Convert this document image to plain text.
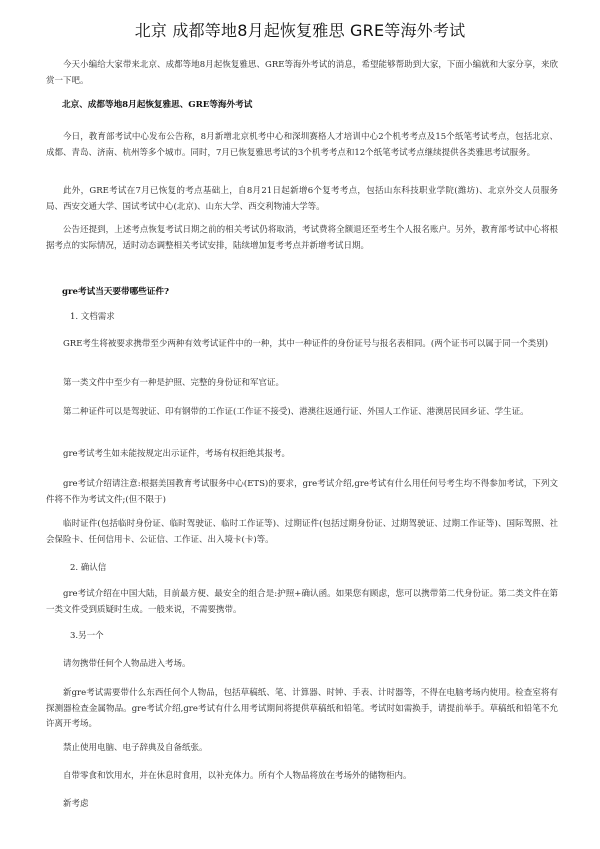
北京 成都等地8月起恢复雅思 GRE等海外考试

今天小编给大家带来北京、成都等地8月起恢复雅思、GRE等海外考试的消息，希望能够帮助到大家，下面小编就和大家分享，来欣赏一下吧。

北京、成都等地8月起恢复雅思、GRE等海外考试

今日，教育部考试中心发布公告称，8月新增北京机考中心和深圳赛格人才培训中心2个机考考点及15个纸笔考试考点，包括北京、成都、青岛、济南、杭州等多个城市。同时，7月已恢复雅思考试的3个机考考点和12个纸笔考试考点继续提供各类雅思考试服务。

此外，GRE考试在7月已恢复的考点基础上，自8月21日起新增6个复考考点，包括山东科技职业学院(潍坊)、北京外交人员服务局、西安交通大学、国试考试中心(北京)、山东大学、西交利物浦大学等。

公告还提到，上述考点恢复考试日期之前的相关考试仍将取消，考试费将全额退还至考生个人报名账户。另外，教育部考试中心将根据考点的实际情况，适时动态调整相关考试安排，陆续增加复考考点并新增考试日期。

gre考试当天要带哪些证件?

1. 文档需求

GRE考生将被要求携带至少两种有效考试证件中的一种，其中一种证件的身份证号与报名表相同。(两个证书可以属于同一个类别)

第一类文件中至少有一种是护照、完整的身份证和军官证。

第二种证件可以是驾驶证、印有钢带的工作证(工作证不接受)、港澳往返通行证、外国人工作证、港澳居民回乡证、学生证。

gre考试考生如未能按规定出示证件，考场有权拒绝其报考。

gre考试介绍请注意:根据美国教育考试服务中心(ETS)的要求，gre考试介绍,gre考试有什么用任何号考生均不得参加考试，下列文件将不作为考试文件;(但不限于)

临时证件(包括临时身份证、临时驾驶证、临时工作证等)、过期证件(包括过期身份证、过期驾驶证、过期工作证等)、国际驾照、社会保险卡、任何信用卡、公证信、工作证、出入境卡(卡)等。

2. 确认信

gre考试介绍在中国大陆，目前最方便、最安全的组合是:护照+确认函。如果您有顾虑，您可以携带第二代身份证。第二类文件在第一类文件受到质疑时生成。一般来说，不需要携带。

3.另一个

请勿携带任何个人物品进入考场。

新gre考试需要带什么东西任何个人物品，包括草稿纸、笔、计算器、时钟、手表、计时器等，不得在电脑考场内使用。检查室将有探测器检查金属物品。gre考试介绍,gre考试有什么用考试期间将提供草稿纸和铅笔。考试时如需换手，请提前举手。草稿纸和铅笔不允许离开考场。

禁止使用电脑、电子辞典及自备纸张。

自带零食和饮用水，并在休息时食用，以补充体力。所有个人物品将放在考场外的储物柜内。

新考虑
